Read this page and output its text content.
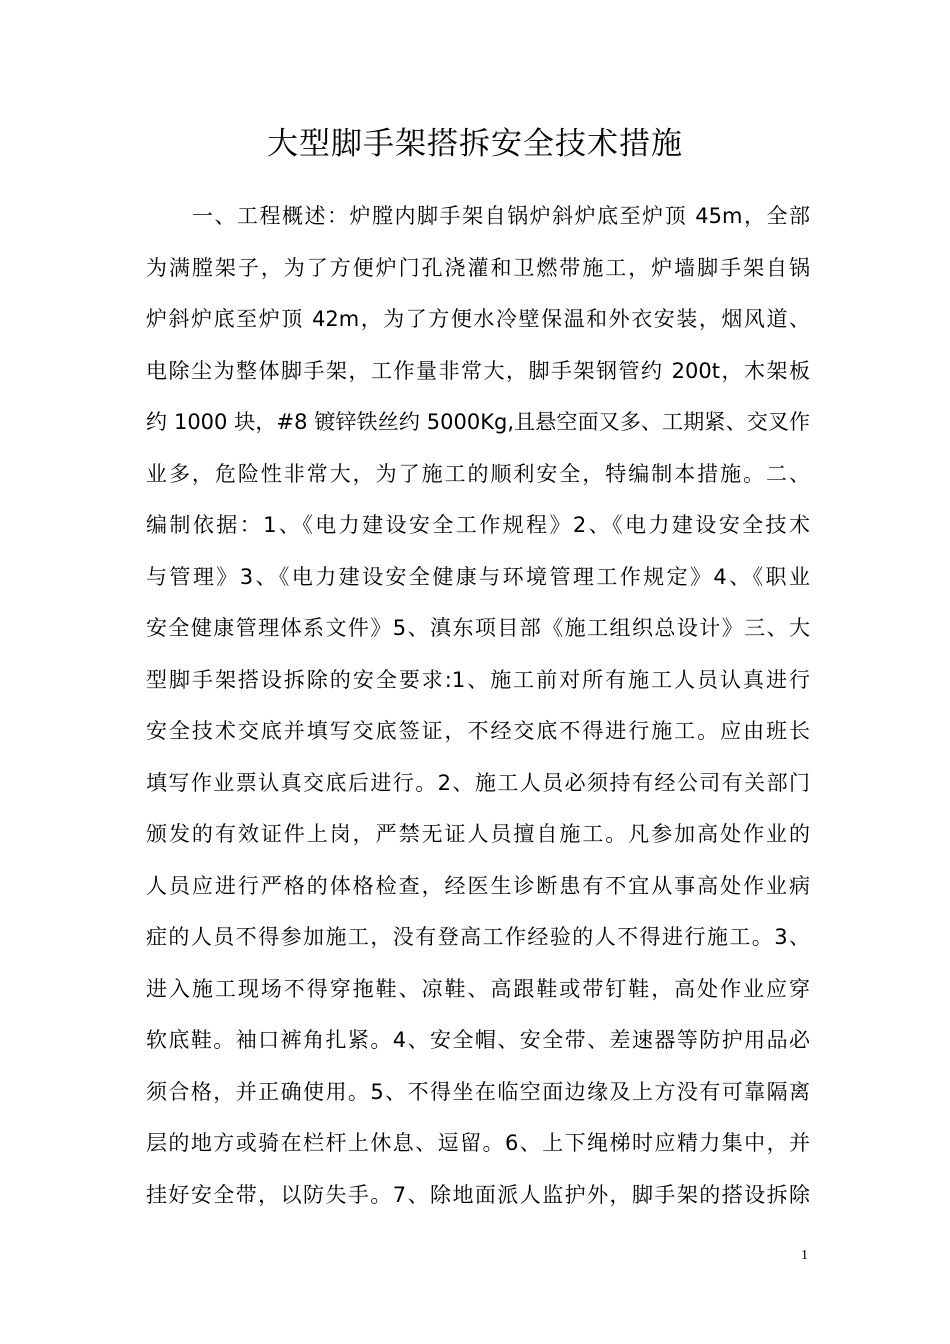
大型脚手架搭拆安全技术措施
一、工程概述：炉膛内脚手架自锅炉斜炉底至炉顶 45m，全部
为满膛架子，为了方便炉门孔浇灌和卫燃带施工，炉墙脚手架自锅
炉斜炉底至炉顶 42m，为了方便水冷壁保温和外衣安装，烟风道、
电除尘为整体脚手架，工作量非常大，脚手架钢管约 200t，木架板
约 1000 块，#8 镀锌铁丝约 5000Kg,且悬空面又多、工期紧、交叉作
业多，危险性非常大，为了施工的顺利安全，特编制本措施。二、
编制依据：1、《电力建设安全工作规程》2、《电力建设安全技术
与管理》3、《电力建设安全健康与环境管理工作规定》4、《职业
安全健康管理体系文件》5、滇东项目部《施工组织总设计》三、大
型脚手架搭设拆除的安全要求:1、施工前对所有施工人员认真进行
安全技术交底并填写交底签证，不经交底不得进行施工。应由班长
填写作业票认真交底后进行。2、施工人员必须持有经公司有关部门
颁发的有效证件上岗，严禁无证人员擅自施工。凡参加高处作业的
人员应进行严格的体格检查，经医生诊断患有不宜从事高处作业病
症的人员不得参加施工，没有登高工作经验的人不得进行施工。3、
进入施工现场不得穿拖鞋、凉鞋、高跟鞋或带钉鞋，高处作业应穿
软底鞋。袖口裤角扎紧。4、安全帽、安全带、差速器等防护用品必
须合格，并正确使用。5、不得坐在临空面边缘及上方没有可靠隔离
层的地方或骑在栏杆上休息、逗留。6、上下绳梯时应精力集中，并
挂好安全带，以防失手。7、除地面派人监护外，脚手架的搭设拆除
1
